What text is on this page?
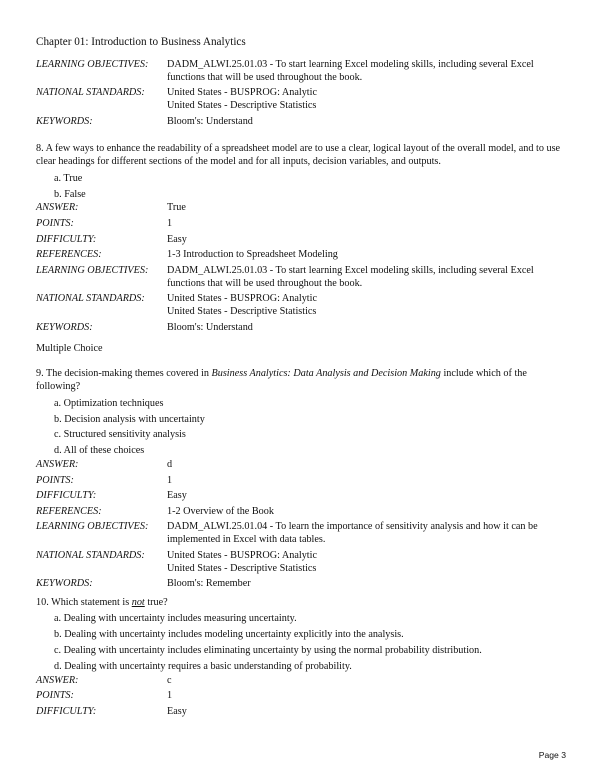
Chapter 01: Introduction to Business Analytics
LEARNING OBJECTIVES:	DADM_ALWI.25.01.03 - To start learning Excel modeling skills, including several Excel
functions that will be used throughout the book.

NATIONAL STANDARDS:	United States - BUSPROG: Analytic
United States - Descriptive Statistics

KEYWORDS:	Bloom's: Understand

8. A few ways to enhance the readability of a spreadsheet model are to use a clear, logical layout of the overall model, and to use clear headings for different sections of the model and for all inputs, decision variables, and outputs.

a. True
b. False
ANSWER:	True
POINTS:	1
DIFFICULTY:	Easy
REFERENCES:	1-3 Introduction to Spreadsheet Modeling
LEARNING OBJECTIVES:	DADM_ALWI.25.01.03 - To start learning Excel modeling skills, including several Excel
functions that will be used throughout the book.

NATIONAL STANDARDS:	United States - BUSPROG: Analytic
United States - Descriptive Statistics

KEYWORDS:	Bloom's: Understand
Multiple Choice

9. The decision-making themes covered in Business Analytics: Data Analysis and Decision Making include which of the following?

a. Optimization techniques
b. Decision analysis with uncertainty
c. Structured sensitivity analysis
d. All of these choices
ANSWER:	d
POINTS:	1
DIFFICULTY:	Easy
REFERENCES:	1-2 Overview of the Book
LEARNING OBJECTIVES:	DADM_ALWI.25.01.04 - To learn the importance of sensitivity analysis and how it can be
implemented in Excel with data tables.

NATIONAL STANDARDS:	United States - BUSPROG: Analytic
United States - Descriptive Statistics

KEYWORDS:	Bloom's: Remember

10. Which statement is not true?

a. Dealing with uncertainty includes measuring uncertainty.
b. Dealing with uncertainty includes modeling uncertainty explicitly into the analysis.
c. Dealing with uncertainty includes eliminating uncertainty by using the normal probability distribution.
d. Dealing with uncertainty requires a basic understanding of probability.
ANSWER:	c
POINTS:	1
DIFFICULTY:	Easy
Page 3
